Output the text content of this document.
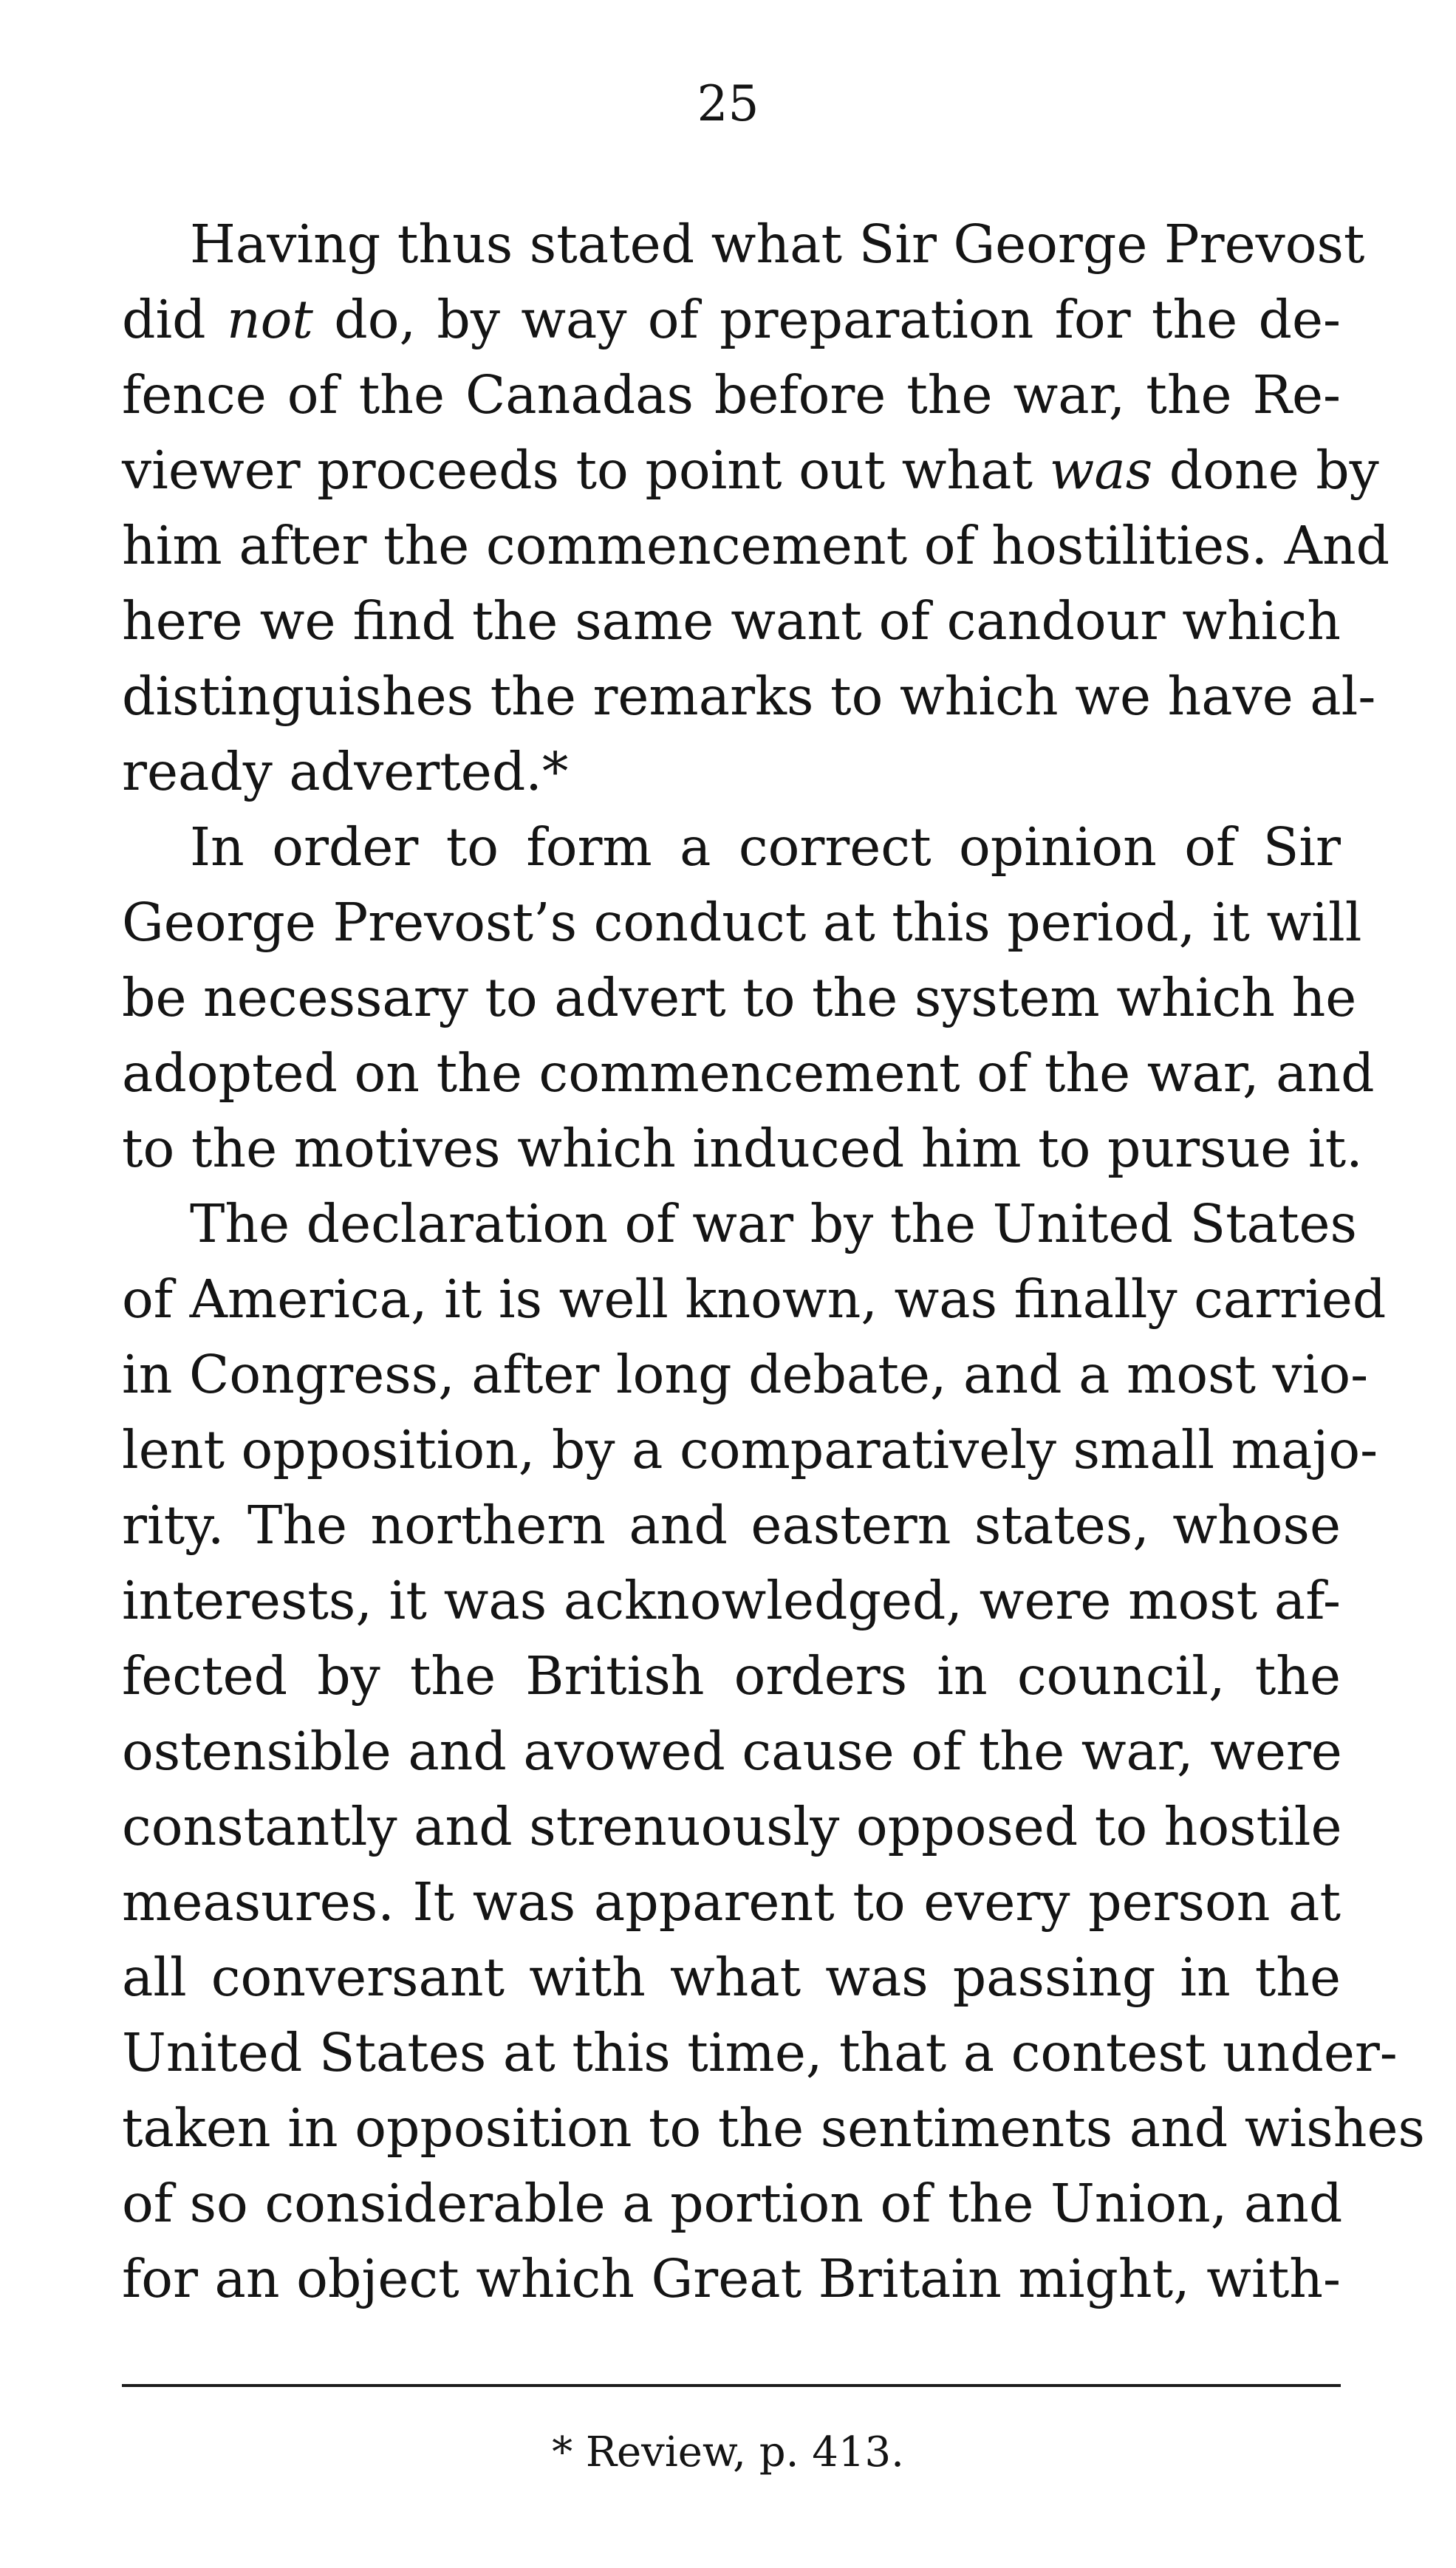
25
Having thus stated what Sir George Prevost
did not do, by way of preparation for the de-
fence of the Canadas before the war, the Re-
viewer proceeds to point out what was done by
him after the commencement of hostilities. And
here we find the same want of candour which
distinguishes the remarks to which we have al-
ready adverted.*
In order to form a correct opinion of Sir
George Prevost’s conduct at this period, it will
be necessary to advert to the system which he
adopted on the commencement of the war, and
to the motives which induced him to pursue it.
The declaration of war by the United States
of America, it is well known, was finally carried
in Congress, after long debate, and a most vio-
lent opposition, by a comparatively small majo-
rity. The northern and eastern states, whose
interests, it was acknowledged, were most af-
fected by the British orders in council, the
ostensible and avowed cause of the war, were
constantly and strenuously opposed to hostile
measures. It was apparent to every person at
all conversant with what was passing in the
United States at this time, that a contest under-
taken in opposition to the sentiments and wishes
of so considerable a portion of the Union, and
for an object which Great Britain might, with-
* Review, p. 413.
